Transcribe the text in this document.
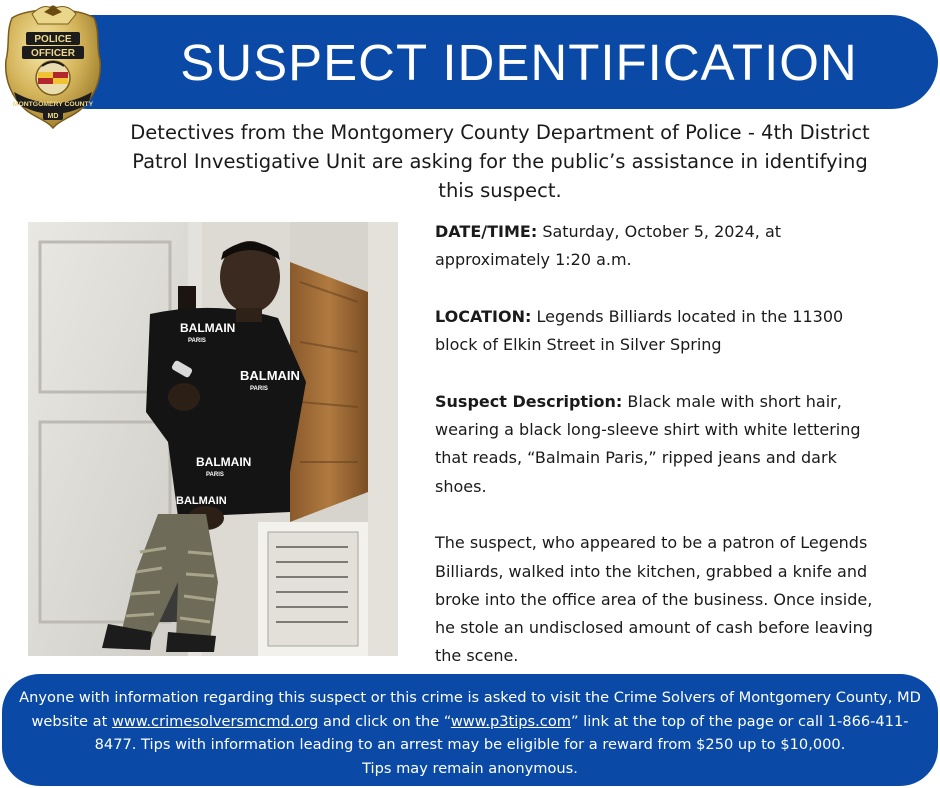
SUSPECT IDENTIFICATION
POLICE
OFFICER
MONTGOMERY COUNTY
MD

Detectives from the Montgomery County Department of Police - 4th District Patrol Investigative Unit are asking for the public’s assistance in identifying this suspect.

BALMAIN
PARIS
BALMAIN
PARIS
BALMAIN
PARIS
BALMAIN

DATE/TIME: Saturday, October 5, 2024, at approximately 1:20 a.m.

LOCATION: Legends Billiards located in the 11300 block of Elkin Street in Silver Spring

Suspect Description: Black male with short hair, wearing a black long-sleeve shirt with white lettering that reads, “Balmain Paris,” ripped jeans and dark shoes.

The suspect, who appeared to be a patron of Legends Billiards, walked into the kitchen, grabbed a knife and broke into the office area of the business. Once inside, he stole an undisclosed amount of cash before leaving the scene.

Anyone with information regarding this suspect or this crime is asked to visit the Crime Solvers of Montgomery County, MD website at www.crimesolversmcmd.org and click on the “www.p3tips.com” link at the top of the page or call 1-866-411-8477. Tips with information leading to an arrest may be eligible for a reward from $250 up to $10,000.
Tips may remain anonymous.
